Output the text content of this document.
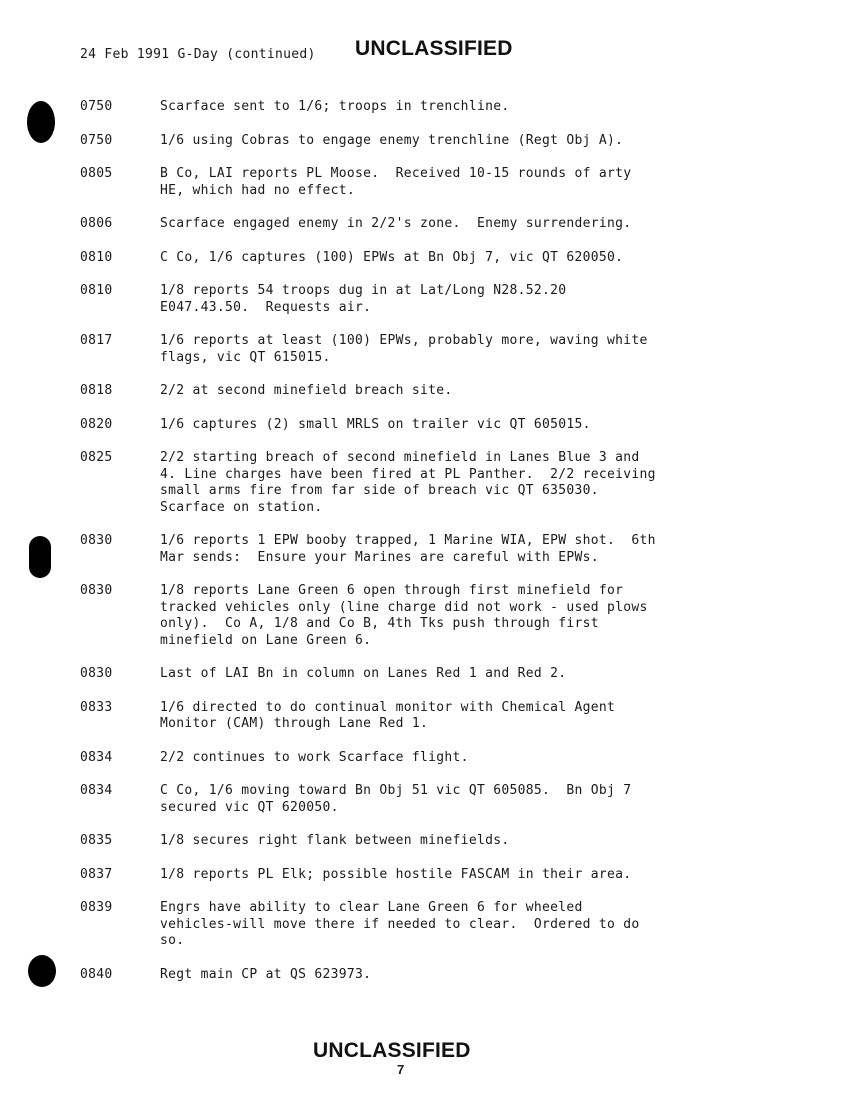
24 Feb 1991 G-Day (continued) UNCLASSIFIED
0750	Scarface sent to 1/6; troops in trenchline.
0750	1/6 using Cobras to engage enemy trenchline (Regt Obj A).
0805	B Co, LAI reports PL Moose.  Received 10-15 rounds of arty
HE, which had no effect.
0806	Scarface engaged enemy in 2/2's zone.  Enemy surrendering.
0810	C Co, 1/6 captures (100) EPWs at Bn Obj 7, vic QT 620050.
0810	1/8 reports 54 troops dug in at Lat/Long N28.52.20
E047.43.50.  Requests air.
0817	1/6 reports at least (100) EPWs, probably more, waving white
flags, vic QT 615015.
0818	2/2 at second minefield breach site.
0820	1/6 captures (2) small MRLS on trailer vic QT 605015.
0825	2/2 starting breach of second minefield in Lanes Blue 3 and
4. Line charges have been fired at PL Panther.  2/2 receiving
small arms fire from far side of breach vic QT 635030.
Scarface on station.
0830	1/6 reports 1 EPW booby trapped, 1 Marine WIA, EPW shot.  6th
Mar sends:  Ensure your Marines are careful with EPWs.
0830	1/8 reports Lane Green 6 open through first minefield for
tracked vehicles only (line charge did not work - used plows
only).  Co A, 1/8 and Co B, 4th Tks push through first
minefield on Lane Green 6.
0830	Last of LAI Bn in column on Lanes Red 1 and Red 2.
0833	1/6 directed to do continual monitor with Chemical Agent
Monitor (CAM) through Lane Red 1.
0834	2/2 continues to work Scarface flight.
0834	C Co, 1/6 moving toward Bn Obj 51 vic QT 605085.  Bn Obj 7
secured vic QT 620050.
0835	1/8 secures right flank between minefields.
0837	1/8 reports PL Elk; possible hostile FASCAM in their area.
0839	Engrs have ability to clear Lane Green 6 for wheeled
vehicles-will move there if needed to clear.  Ordered to do
so.
0840	Regt main CP at QS 623973.
UNCLASSIFIED
7
